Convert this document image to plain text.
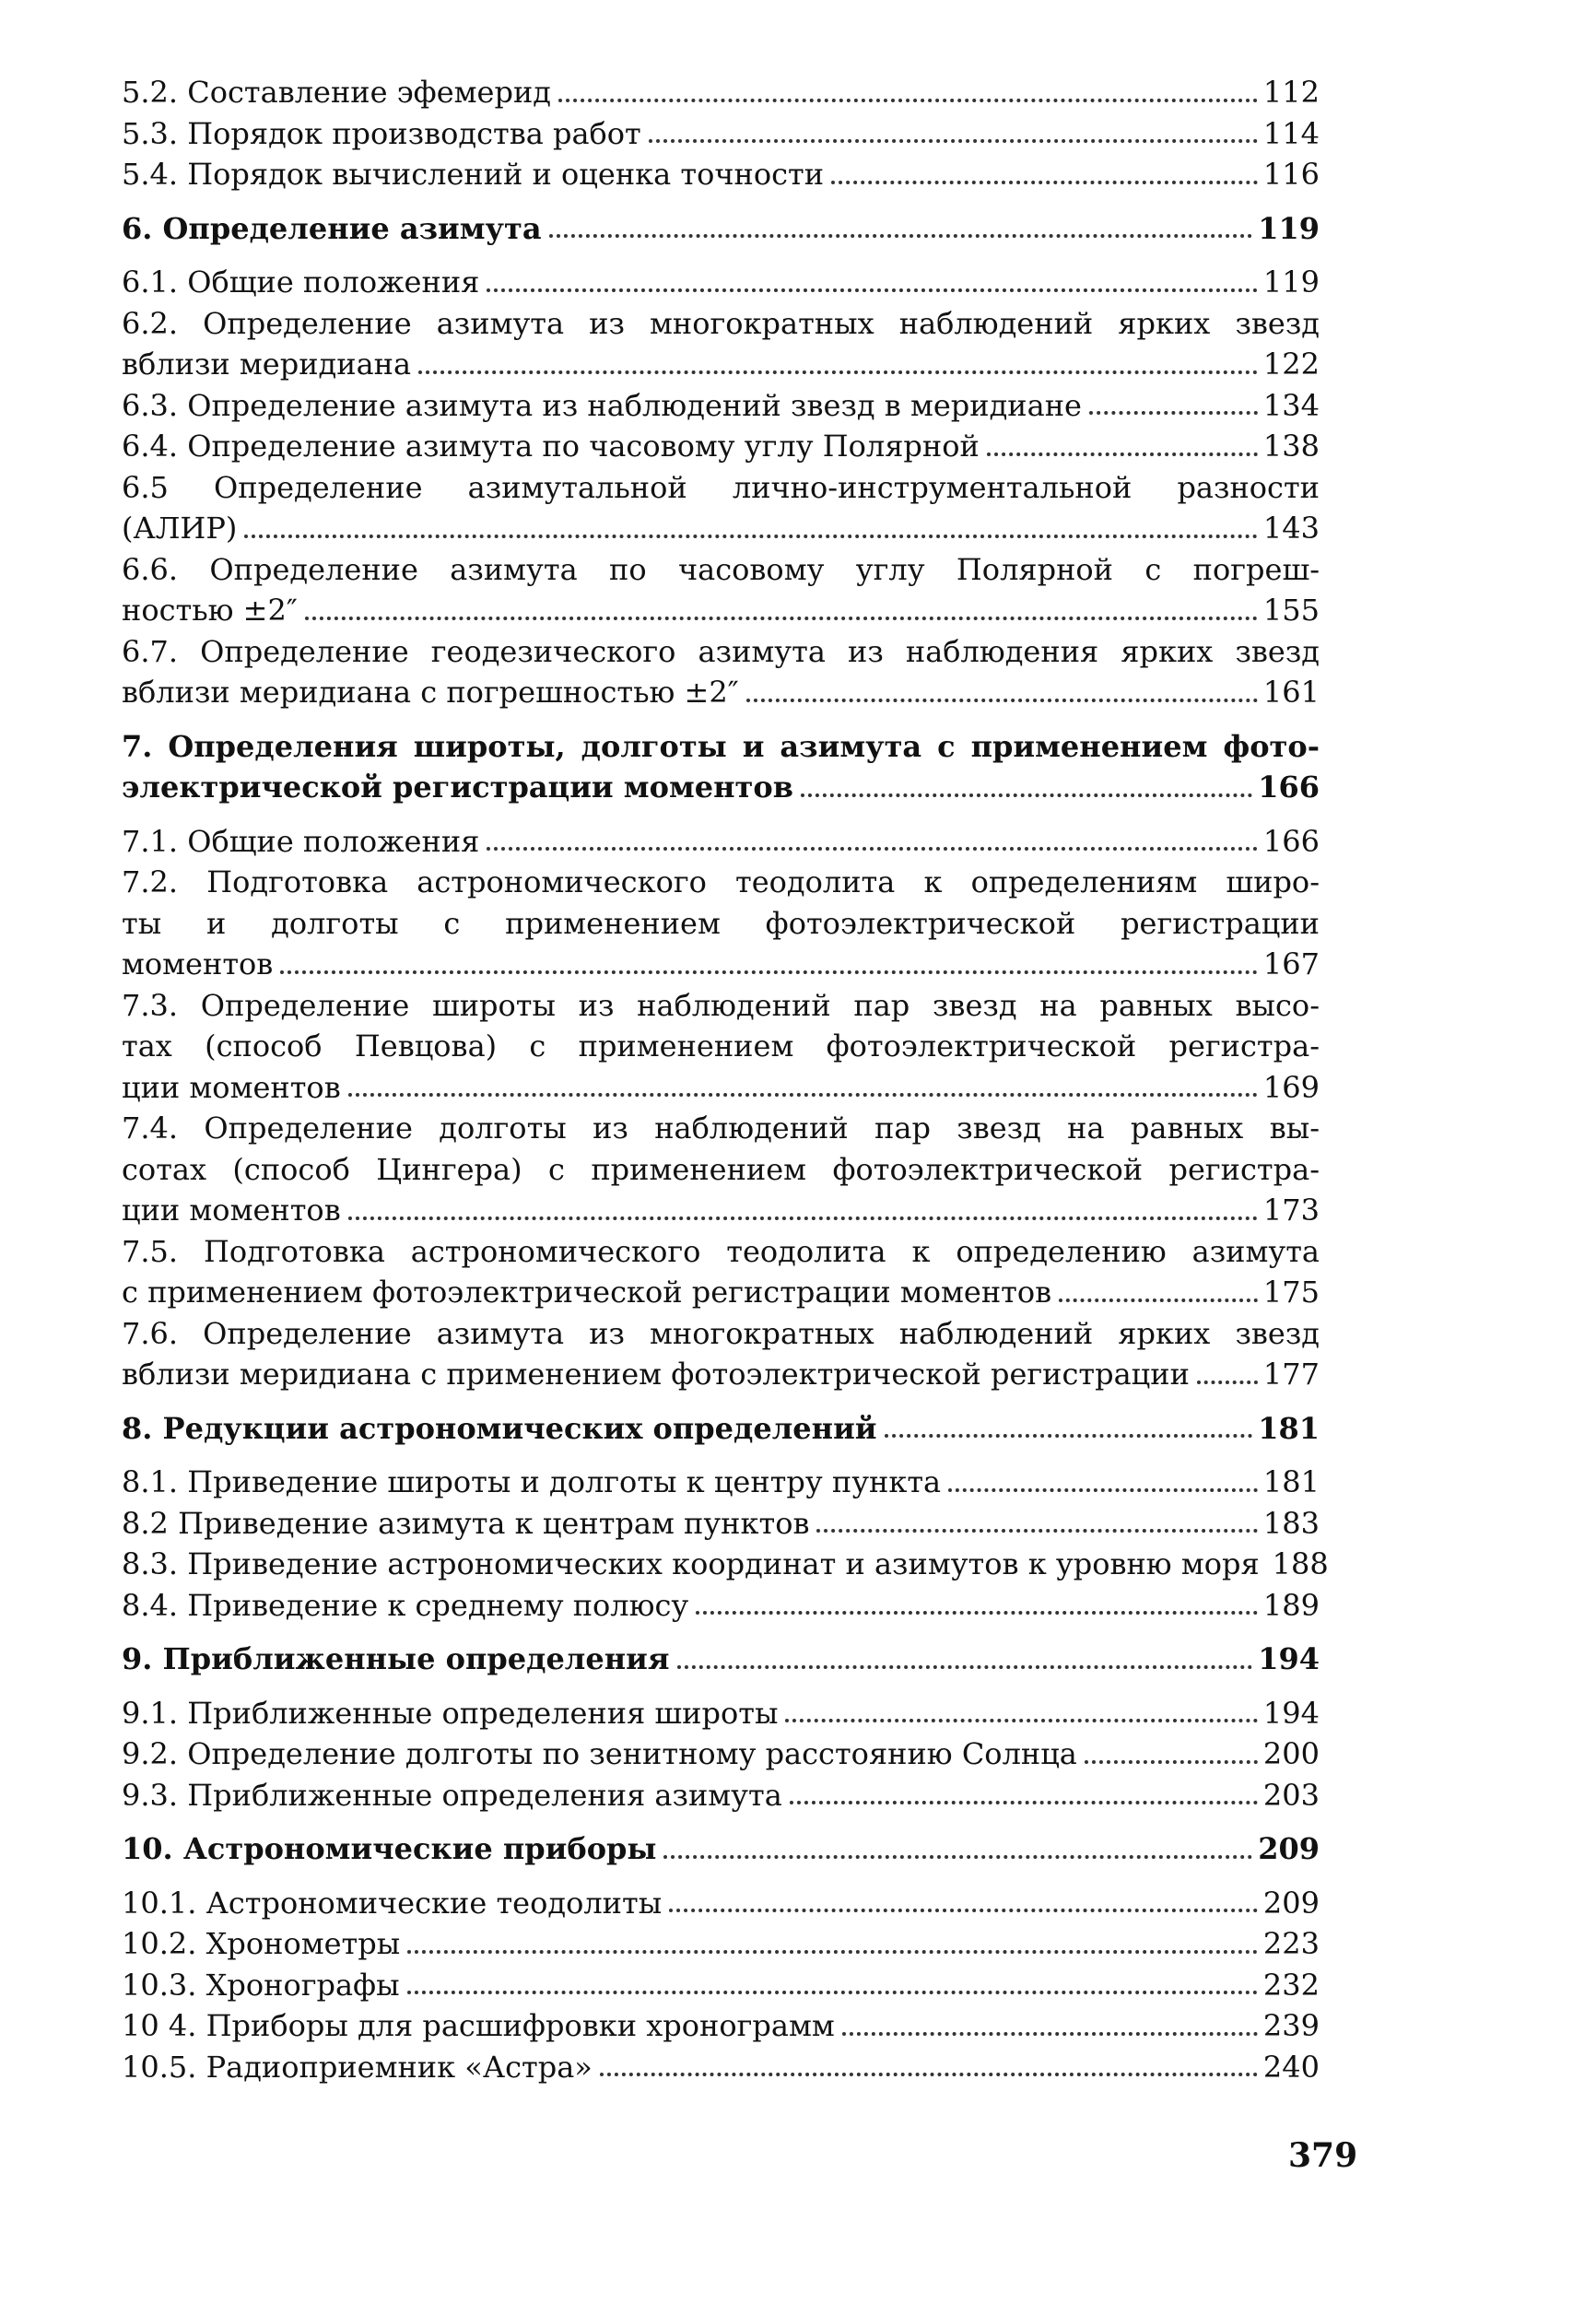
5.2. Составление эфемерид	112
5.3. Порядок производства работ	114
5.4. Порядок вычислений и оценка точности	116
6. Определение азимута	119
6.1. Общие положения	119
6.2. Определение азимута из многократных наблюдений ярких звезд
вблизи меридиана	122
6.3. Определение азимута из наблюдений звезд в меридиане	134
6.4. Определение азимута по часовому углу Полярной	138
6.5 Определение азимутальной лично-инструментальной разности
(АЛИР)	143
6.6. Определение азимута по часовому углу Полярной с погреш-
ностью ±2″	155
6.7. Определение геодезического азимута из наблюдения ярких звезд
вблизи меридиана с погрешностью ±2″	161
7. Определения широты, долготы и азимута с применением фото-
электрической регистрации моментов	166
7.1. Общие положения	166
7.2. Подготовка астрономического теодолита к определениям широ-
ты и долготы с применением фотоэлектрической регистрации
моментов	167
7.3. Определение широты из наблюдений пар звезд на равных высо-
тах (способ Певцова) с применением фотоэлектрической регистра-
ции моментов	169
7.4. Определение долготы из наблюдений пар звезд на равных вы-
сотах (способ Цингера) с применением фотоэлектрической регистра-
ции моментов	173
7.5. Подготовка астрономического теодолита к определению азимута
с применением фотоэлектрической регистрации моментов	175
7.6. Определение азимута из многократных наблюдений ярких звезд
вблизи меридиана с применением фотоэлектрической регистрации	177
8. Редукции астрономических определений	181
8.1. Приведение широты и долготы к центру пункта	181
8.2 Приведение азимута к центрам пунктов	183
8.3. Приведение астрономических координат и азимутов к уровню моря 188
8.4. Приведение к среднему полюсу	189
9. Приближенные определения	194
9.1. Приближенные определения широты	194
9.2. Определение долготы по зенитному расстоянию Солнца	200
9.3. Приближенные определения азимута	203
10. Астрономические приборы	209
10.1. Астрономические теодолиты	209
10.2. Хронометры	223
10.3. Хронографы	232
10 4. Приборы для расшифровки хронограмм	239
10.5. Радиоприемник «Астра»	240
379
